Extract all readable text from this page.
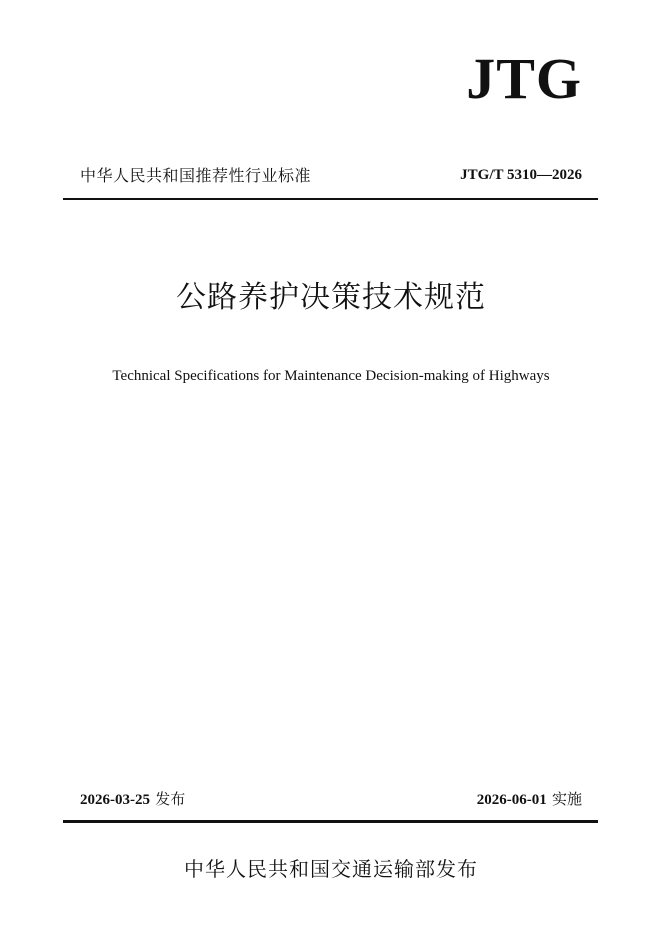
JTG
中华人民共和国推荐性行业标准	JTG/T 5310—2026
公路养护决策技术规范
Technical Specifications for Maintenance Decision-making of Highways
2026-03-25 发布	2026-06-01 实施
中华人民共和国交通运输部发布
